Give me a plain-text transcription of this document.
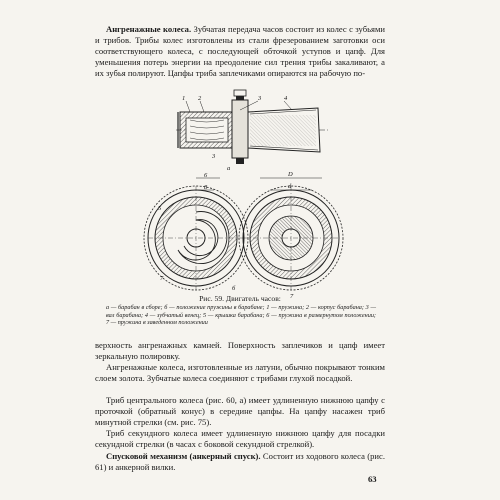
Ангренажные колеса. Зубчатая передача часов состоит из колес с зубьями и трибов. Трибы колес изготовлены из стали фрезерованием заготовки оси соответствующего колеса, с последующей обточкой уступов и цапф. Для уменьшения потерь энергии на преодоление сил трения трибы закаливают, а их зубья полируют. Цапфы триба заплечиками опираются на рабочую по-

1 2	3	4
3
а
6
8
5
7
б
D
d
7

Рис. 59. Двигатель часов:

а — барабан в сборе; б — положение пружины в барабане; 1 — пружина; 2 — корпус барабана; 3 — вал барабана; 4 — зубчатый венец; 5 — крышка барабана; 6 — пружина в развернутом положении; 7 — пружина в заведенном положении

верхность ангренажных камней. Поверхность заплечиков и цапф имеет зеркальную полировку.

Ангренажные колеса, изготовленные из латуни, обычно покрывают тонким слоем золота. Зубчатые колеса соединяют с трибами глухой посадкой.

Триб центрального колеса (рис. 60, а) имеет удлиненную нижнюю цапфу с проточкой (обратный конус) в середине цапфы. На цапфу насажен триб минутной стрелки (см. рис. 75).

Триб секундного колеса имеет удлиненную нижнюю цапфу для посадки секундной стрелки (в часах с боковой секундной стрелкой).

Спусковой механизм (анкерный спуск). Состоит из ходового колеса (рис. 61) и анкерной вилки.

63
